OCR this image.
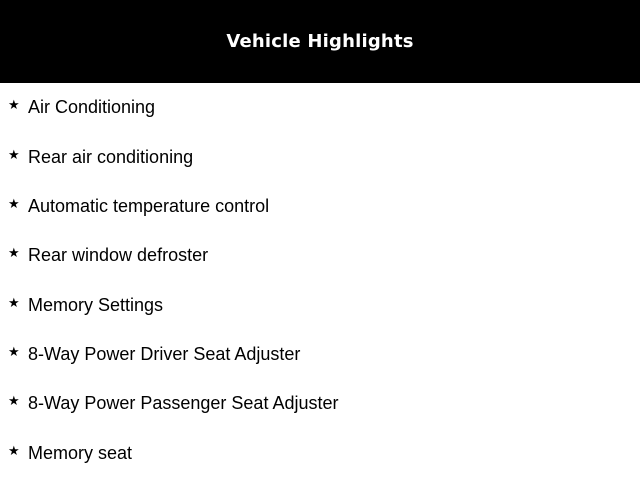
Vehicle Highlights
★ Air Conditioning
★ Rear air conditioning
★ Automatic temperature control
★ Rear window defroster
★ Memory Settings
★ 8-Way Power Driver Seat Adjuster
★ 8-Way Power Passenger Seat Adjuster
★ Memory seat
